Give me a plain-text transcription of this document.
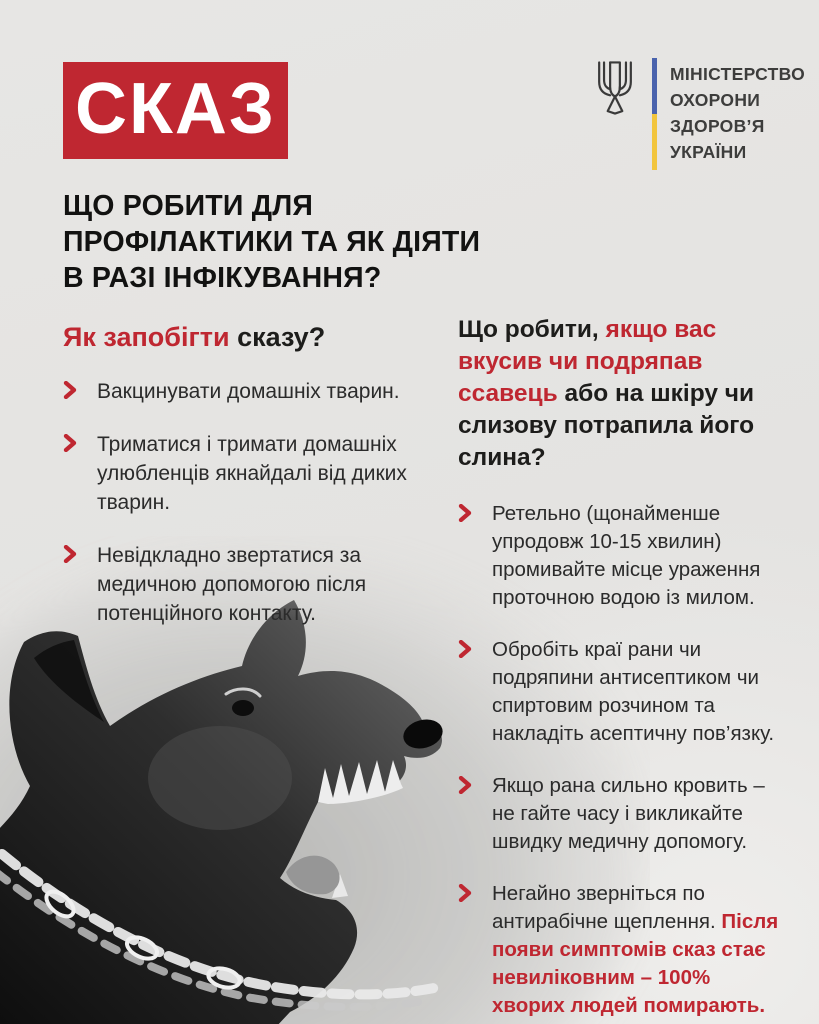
СКАЗ	МІНІСТЕРСТВО
ОХОРОНИ
ЗДОРОВ’Я
УКРАЇНИ
ЩО РОБИТИ ДЛЯ
ПРОФІЛАКТИКИ ТА ЯК ДІЯТИ
В РАЗІ ІНФІКУВАННЯ?
Як запобігти сказу?

Вакцинувати домашніх тварин.

Триматися і тримати домашніх улюбленців якнайдалі від диких тварин.

Невідкладно звертатися за медичною допомогою після потенційного контакту.

Що робити, якщо вас вкусив чи подряпав ссавець або на шкіру чи слизову потрапила його слина?

Ретельно (щонайменше упродовж 10-15 хвилин) промивайте місце ураження проточною водою із милом.

Обробіть краї рани чи подряпини антисептиком чи спиртовим розчином та накладіть асептичну пов’язку.

Якщо рана сильно кровить – не гайте часу і викликайте швидку медичну допомогу.

Негайно зверніться по антирабічне щеплення. Після появи симптомів сказ стає невиліковним – 100% хворих людей помирають.
